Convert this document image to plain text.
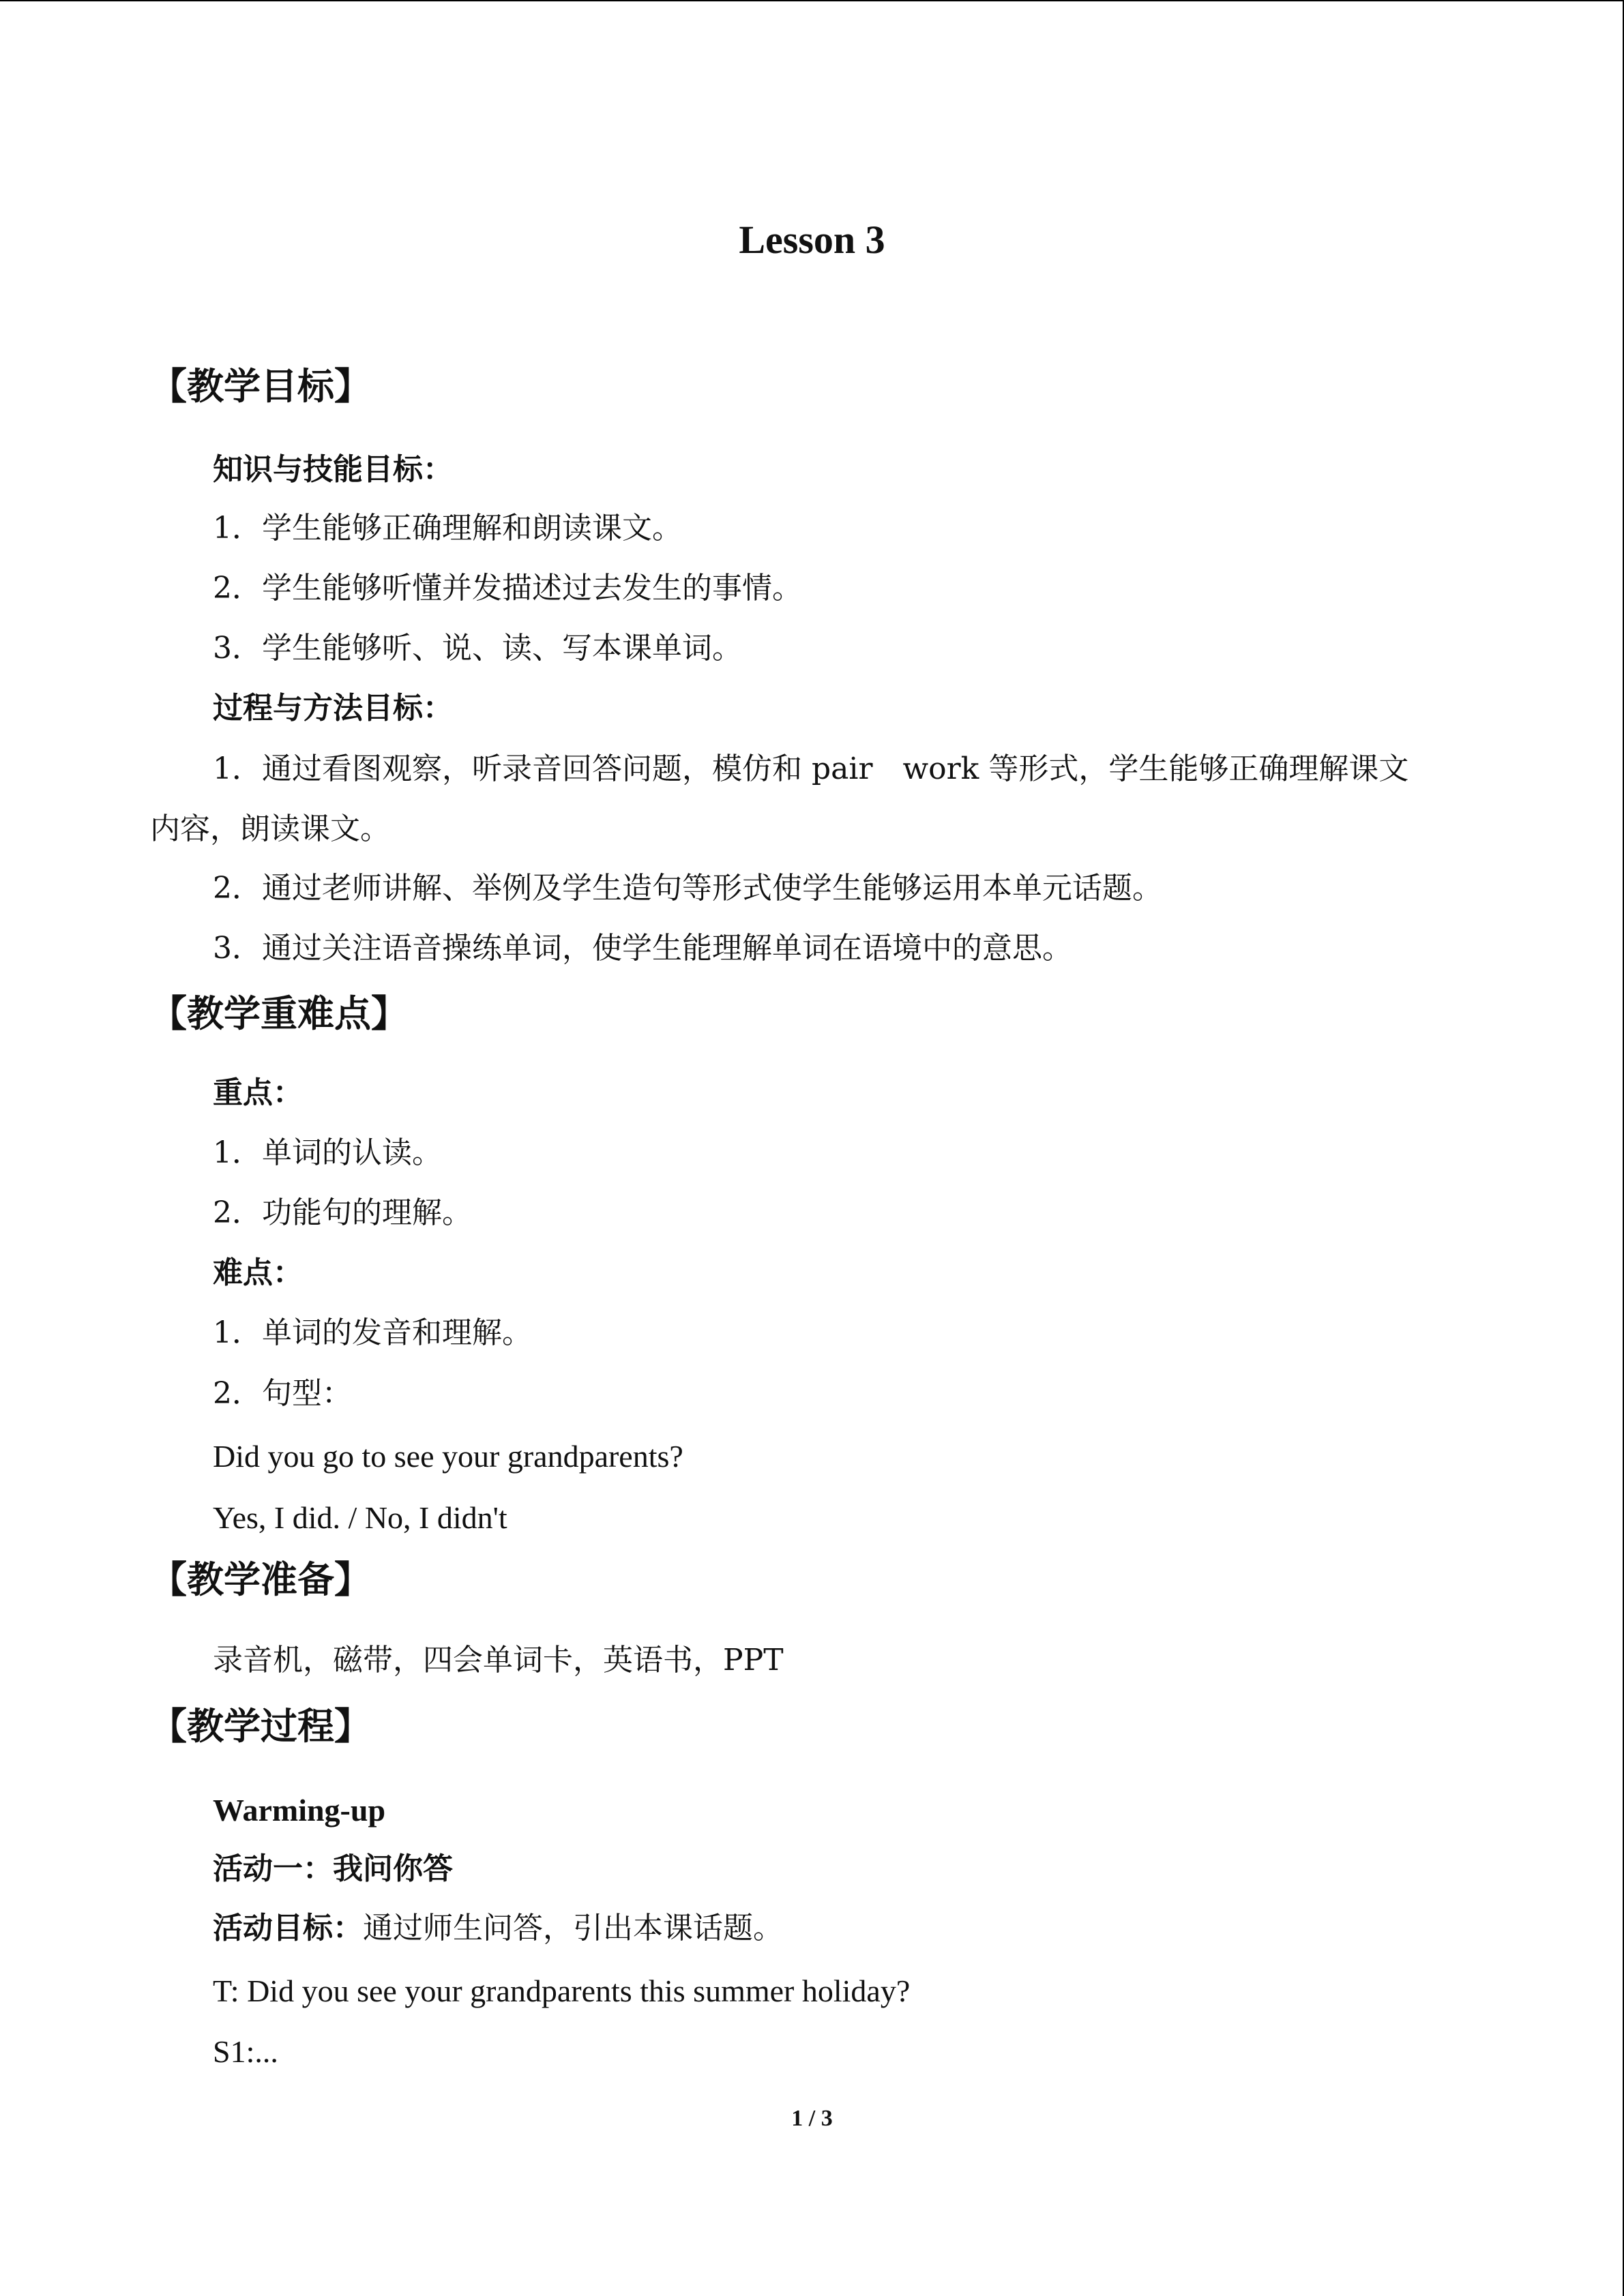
Lesson 3
【教学目标】
知识与技能目标：
1．学生能够正确理解和朗读课文。
2．学生能够听懂并发描述过去发生的事情。
3．学生能够听、说、读、写本课单词。
过程与方法目标：
1．通过看图观察，听录音回答问题，模仿和 pair　work 等形式，学生能够正确理解课文
内容，朗读课文。
2．通过老师讲解、举例及学生造句等形式使学生能够运用本单元话题。
3．通过关注语音操练单词，使学生能理解单词在语境中的意思。
【教学重难点】
重点：
1．单词的认读。
2．功能句的理解。
难点：
1．单词的发音和理解。
2．句型：
Did you go to see your grandparents?
Yes, I did. / No, I didn't
【教学准备】
录音机，磁带，四会单词卡，英语书，PPT
【教学过程】
Warming-up
活动一：我问你答
活动目标：通过师生问答，引出本课话题。
T: Did you see your grandparents this summer holiday?
S1:...
1 / 3
